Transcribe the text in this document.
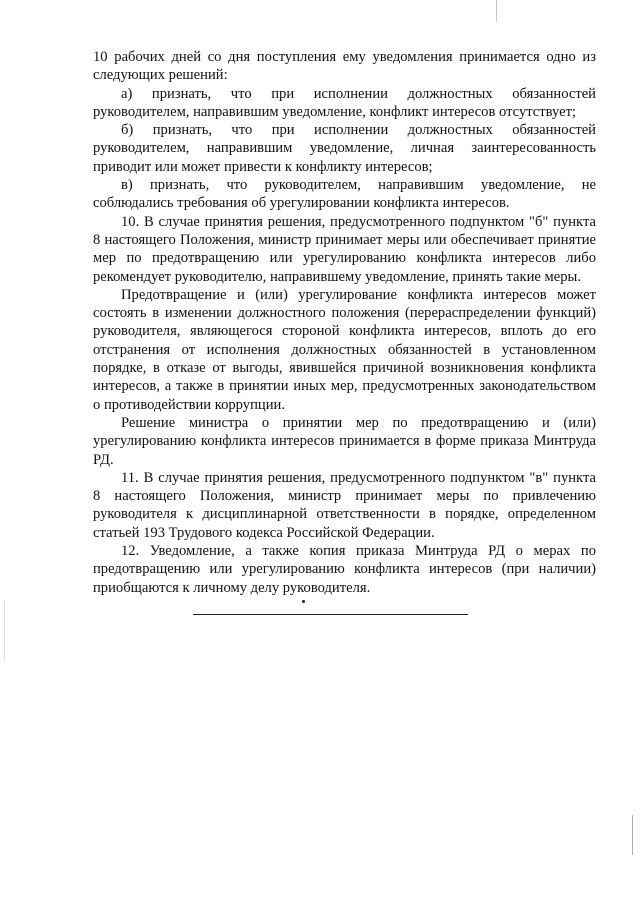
10 рабочих дней со дня поступления ему уведомления принимается одно из следующих решений:

а) признать, что при исполнении должностных обязанностей руководителем, направившим уведомление, конфликт интересов отсутствует;

б) признать, что при исполнении должностных обязанностей руководителем, направившим уведомление, личная заинтересованность приводит или может привести к конфликту интересов;

в) признать, что руководителем, направившим уведомление, не соблюдались требования об урегулировании конфликта интересов.

10. В случае принятия решения, предусмотренного подпунктом "б" пункта 8 настоящего Положения, министр принимает меры или обеспечивает принятие мер по предотвращению или урегулированию конфликта интересов либо рекомендует руководителю, направившему уведомление, принять такие меры.

Предотвращение и (или) урегулирование конфликта интересов может состоять в изменении должностного положения (перераспределении функций) руководителя, являющегося стороной конфликта интересов, вплоть до его отстранения от исполнения должностных обязанностей в установленном порядке, в отказе от выгоды, явившейся причиной возникновения конфликта интересов, а также в принятии иных мер, предусмотренных законодательством о противодействии коррупции.

Решение министра о принятии мер по предотвращению и (или) урегулированию конфликта интересов принимается в форме приказа Минтруда РД.

11. В случае принятия решения, предусмотренного подпунктом "в" пункта 8 настоящего Положения, министр принимает меры по привлечению руководителя к дисциплинарной ответственности в порядке, определенном статьей 193 Трудового кодекса Российской Федерации.

12. Уведомление, а также копия приказа Минтруда РД о мерах по предотвращению или урегулированию конфликта интересов (при наличии) приобщаются к личному делу руководителя.
